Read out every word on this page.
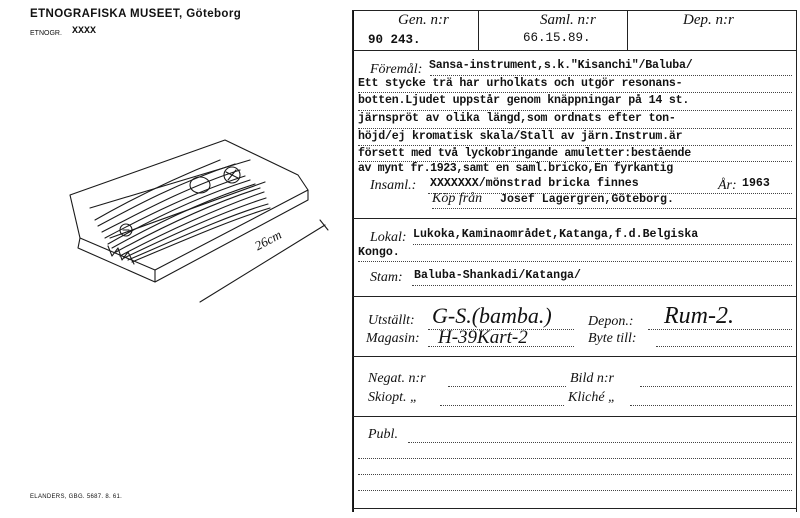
ETNOGRAFISKA MUSEET, Göteborg
ETNOGR. XXXX
26cm
ELANDERS, GBG. 5687. 8. 61.
Gen. n:r	Saml. n:r	Dep. n:r
90 243.	66.15.89.
Föremål: Sansa-instrument,s.k."Kisanchi"/Baluba/
Ett stycke trä har urholkats och utgör resonans-
botten.Ljudet uppstår genom knäppningar på 14 st.
järnspröt av olika längd,som ordnats efter ton-
höjd/ej kromatisk skala/Stall av järn.Instrum.är
försett med två lyckobringande amuletter:bestående
av mynt fr.1923,samt en saml.bricko,En fyrkantig
Insaml.: XXXXXXX/mönstrad bricka finnes	År: 1963
Köp från Josef Lagergren,Göteborg.
Lokal: Lukoka,Kaminaområdet,Katanga,f.d.Belgiska
Kongo.
Stam: Baluba-Shankadi/Katanga/
Utställt: G-S.(bamba.)	Depon.: Rum-2.
Magasin: H-39Kart-2	Byte till:
Negat. n:r	Bild n:r
Skiopt. „	Kliché „
Publ.
